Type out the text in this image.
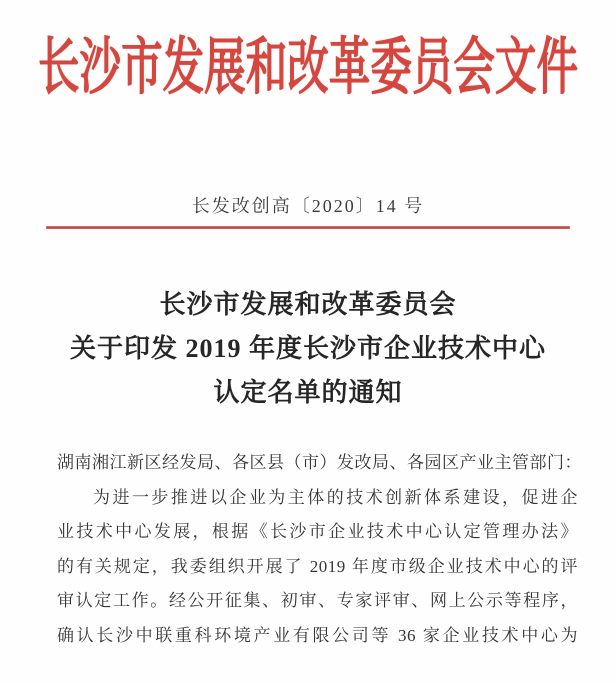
长沙市发展和改革委员会文件
长发改创高〔2020〕14 号
长沙市发展和改革委员会
关于印发 2019 年度长沙市企业技术中心
认定名单的通知
湖南湘江新区经发局、各区县（市）发改局、各园区产业主管部门：
为进一步推进以企业为主体的技术创新体系建设，促进企
业技术中心发展，根据《长沙市企业技术中心认定管理办法》
的有关规定，我委组织开展了 2019 年度市级企业技术中心的评
审认定工作。经公开征集、初审、专家评审、网上公示等程序，
确认长沙中联重科环境产业有限公司等 36 家企业技术中心为
